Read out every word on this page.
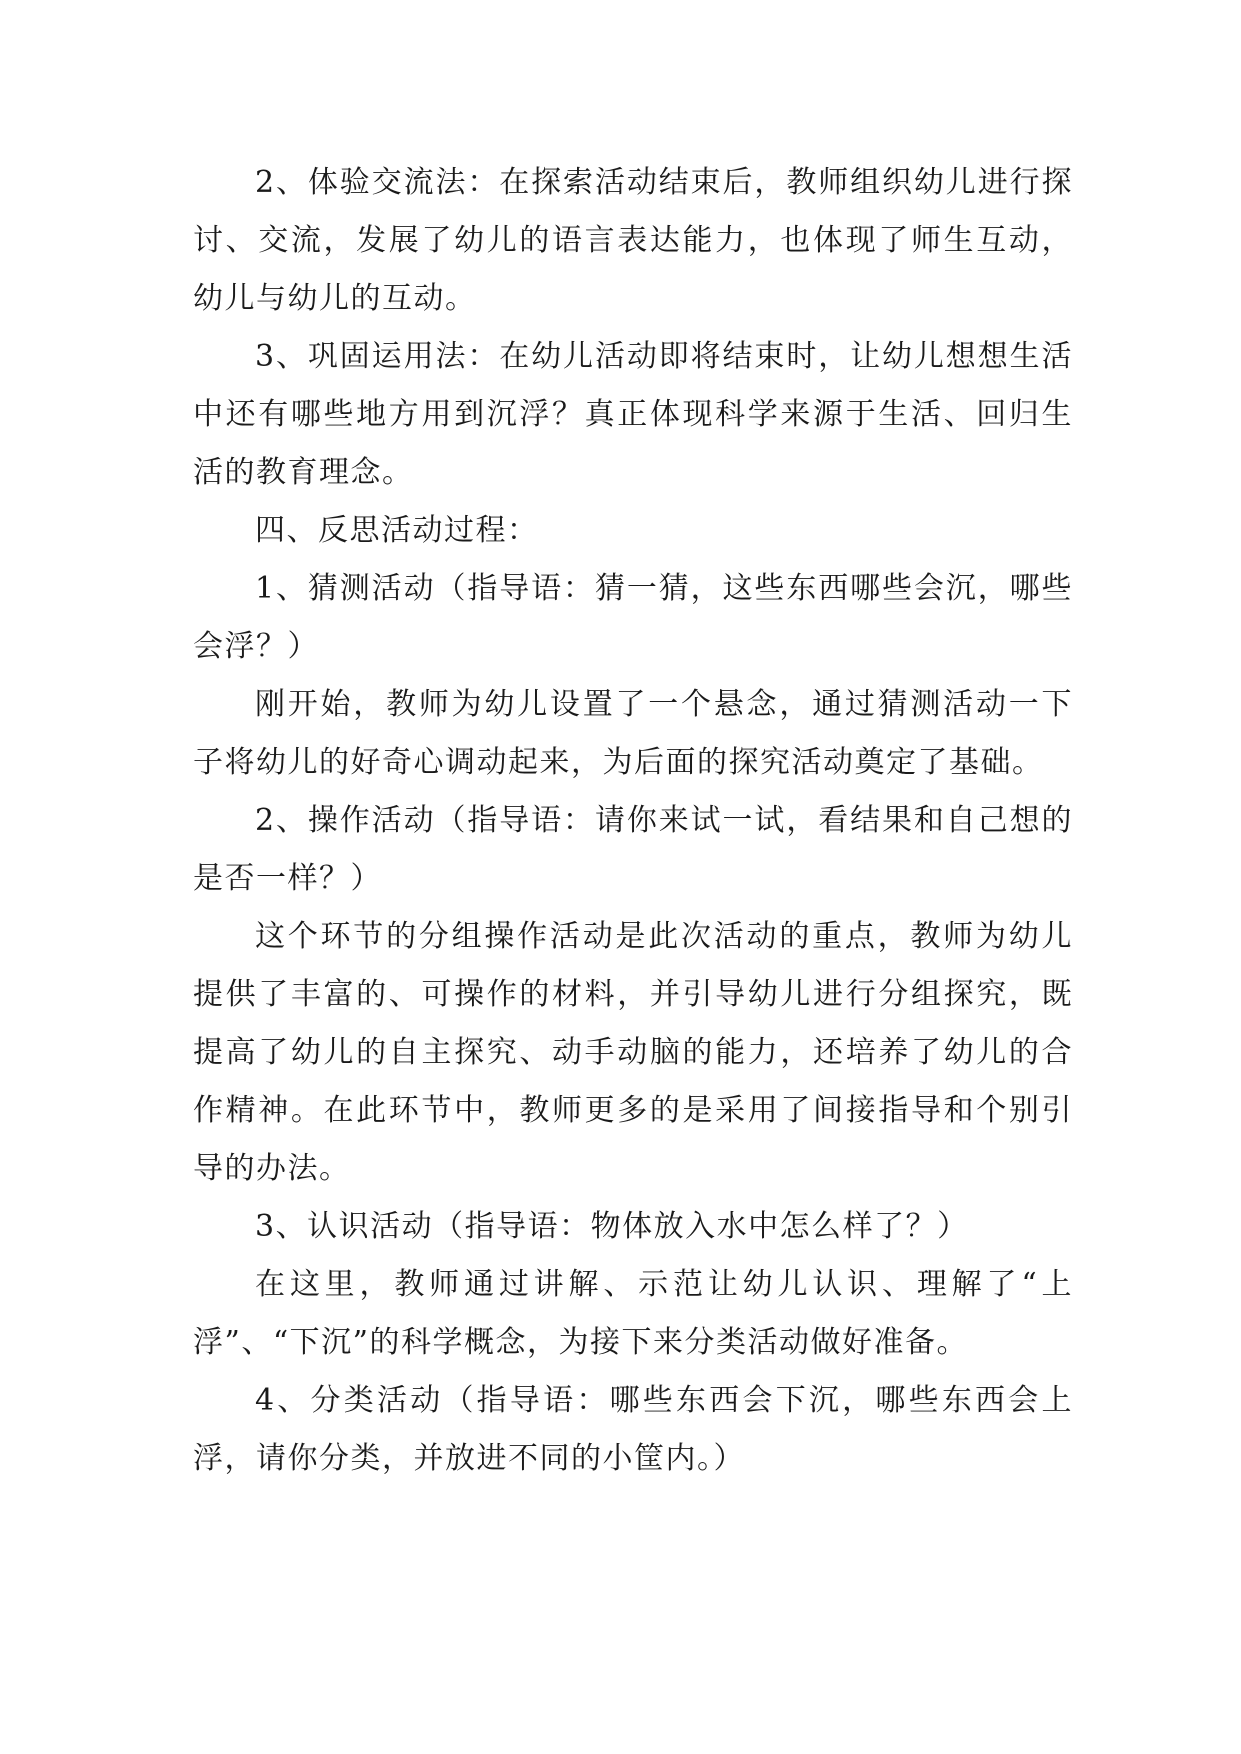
2、体验交流法：在探索活动结束后，教师组织幼儿进行探讨、交流，发展了幼儿的语言表达能力，也体现了师生互动，幼儿与幼儿的互动。

3、巩固运用法：在幼儿活动即将结束时，让幼儿想想生活中还有哪些地方用到沉浮？真正体现科学来源于生活、回归生活的教育理念。

四、反思活动过程：

1、猜测活动（指导语：猜一猜，这些东西哪些会沉，哪些会浮？）

刚开始，教师为幼儿设置了一个悬念，通过猜测活动一下子将幼儿的好奇心调动起来，为后面的探究活动奠定了基础。

2、操作活动（指导语：请你来试一试，看结果和自己想的是否一样？）

这个环节的分组操作活动是此次活动的重点，教师为幼儿提供了丰富的、可操作的材料，并引导幼儿进行分组探究，既提高了幼儿的自主探究、动手动脑的能力，还培养了幼儿的合作精神。在此环节中，教师更多的是采用了间接指导和个别引导的办法。

3、认识活动（指导语：物体放入水中怎么样了？）

在这里，教师通过讲解、示范让幼儿认识、理解了“上浮”、“下沉”的科学概念，为接下来分类活动做好准备。

4、分类活动（指导语：哪些东西会下沉，哪些东西会上浮，请你分类，并放进不同的小筐内。）
